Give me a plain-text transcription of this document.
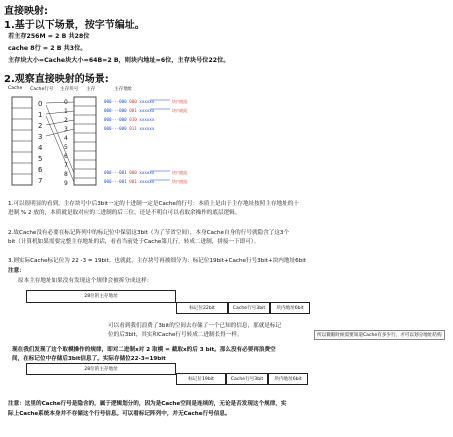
直接映射:
1.基于以下场景，按字节编址。
若主存256M = 2 B 共28位
cache 8行 = 2 B 共3位。
主存块大小=Cache块大小=64B=2 B，则块内地址=6位，主存块号位22位。
2.观察直接映射的场景:
Cache Cache行号 主存块号 主存	主存地址
0
1
2
3
4
5
6
7
0
1
2
3
4
5
6
7
8
9
000···000 000 xxxxxx
000···000 001 xxxxxx
000···000 010 xxxxxx
000···000 011 xxxxxx
000···001 000 xxxxxx
000···001 001 xxxxxx
块内地址
块内地址
块内地址
块内地址
1.可以很明显的看到，主存块号中后3bit一定的十进制一定是Cache的行号：本质上是由于主存地址按照主存地址的十
进制 % 2 放的，本质就是取对应的二进制的后三位，还是不明白可以看取余操作的底层逻辑。
2.故Cache没有必要在标记阵列中的标记位中保留这3bit（为了节省空间），本身Cache自身的行号就隐含了这3个
bit（计算机如果需要完整主存地址的话，看看当前处于Cache第几行，转成二进制，拼接一下即可）。
3.则实际Cache标记位为 22 -3 = 19bit。也就此，主存块号再被细分为：标记位19bit+Cache行号3bit+块内地址6bit
注意：
原本主存地址如果没有发现这个规律会被拆分成这样：
28位的主存地址
标记位22bit	Cache行号3bit	块内地址6bit
可以看到我们浪费了3bit的空间去存储了一个已知的信息，那就是标记
位的后3bit，其实和Cache行号转成二进制长得一样。	所以微眼时候需要知道Cache有多少行，才可以划分地址结构
现在我们发现了这个取模操作的规律，即对二进制x对 2 取模 = 截取x的后 3 bit。那么没有必要再浪费空
间，在标记位中存储后3bit信息了。实际存储位22-3=19bit
28位的主存地址
标记位19bit	Cache行号3bit	块内地址6bit
注意：这里的Cache行号是隐含的，属于逻辑划分的，因为是Cache空间是连续的，无论是否发现这个规律，实
际上Cache系统本身并不存储这个行号信息。可以看标记阵列中，并无Cache行号信息。
